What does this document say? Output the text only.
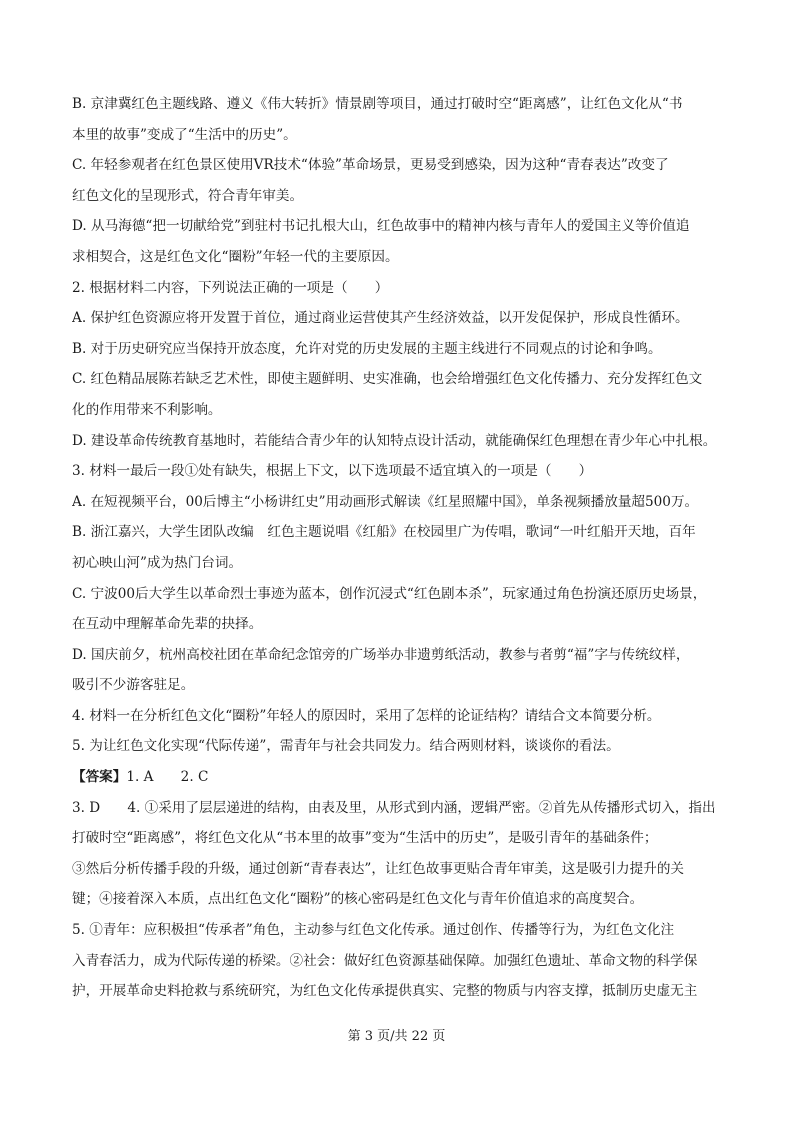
B. 京津冀红色主题线路、遵义《伟大转折》情景剧等项目，通过打破时空“距离感”，让红色文化从“书
本里的故事”变成了“生活中的历史”。
C. 年轻参观者在红色景区使用VR技术“体验”革命场景，更易受到感染，因为这种“青春表达”改变了
红色文化的呈现形式，符合青年审美。
D. 从马海德“把一切献给党”到驻村书记扎根大山，红色故事中的精神内核与青年人的爱国主义等价值追
求相契合，这是红色文化“圈粉”年轻一代的主要原因。
2. 根据材料二内容，下列说法正确的一项是（　　）
A. 保护红色资源应将开发置于首位，通过商业运营使其产生经济效益，以开发促保护，形成良性循环。
B. 对于历史研究应当保持开放态度，允许对党的历史发展的主题主线进行不同观点的讨论和争鸣。
C. 红色精品展陈若缺乏艺术性，即使主题鲜明、史实准确，也会给增强红色文化传播力、充分发挥红色文
化的作用带来不利影响。
D. 建设革命传统教育基地时，若能结合青少年的认知特点设计活动，就能确保红色理想在青少年心中扎根。
3. 材料一最后一段①处有缺失，根据上下文，以下选项最不适宜填入的一项是（　　）
A. 在短视频平台，00后博主“小杨讲红史”用动画形式解读《红星照耀中国》，单条视频播放量超500万。
B. 浙江嘉兴，大学生团队改编　红色主题说唱《红船》在校园里广为传唱，歌词“一叶红船开天地，百年
初心映山河”成为热门台词。
C. 宁波00后大学生以革命烈士事迹为蓝本，创作沉浸式“红色剧本杀”，玩家通过角色扮演还原历史场景，
在互动中理解革命先辈的抉择。
D. 国庆前夕，杭州高校社团在革命纪念馆旁的广场举办非遗剪纸活动，教参与者剪“福”字与传统纹样，
吸引不少游客驻足。
4. 材料一在分析红色文化“圈粉”年轻人的原因时，采用了怎样的论证结构？请结合文本简要分析。
5. 为让红色文化实现“代际传递”，需青年与社会共同发力。结合两则材料，谈谈你的看法。
【答案】1. A　　2. C
3. D　　4. ①采用了层层递进的结构，由表及里，从形式到内涵，逻辑严密。②首先从传播形式切入，指出
打破时空“距离感”，将红色文化从“书本里的故事”变为“生活中的历史”，是吸引青年的基础条件；
③然后分析传播手段的升级，通过创新“青春表达”，让红色故事更贴合青年审美，这是吸引力提升的关
键；④接着深入本质，点出红色文化“圈粉”的核心密码是红色文化与青年价值追求的高度契合。
5. ①青年：应积极担“传承者”角色，主动参与红色文化传承。通过创作、传播等行为，为红色文化注
入青春活力，成为代际传递的桥梁。②社会：做好红色资源基础保障。加强红色遗址、革命文物的科学保
护，开展革命史料抢救与系统研究，为红色文化传承提供真实、完整的物质与内容支撑，抵制历史虚无主
第 3 页/共 22 页
